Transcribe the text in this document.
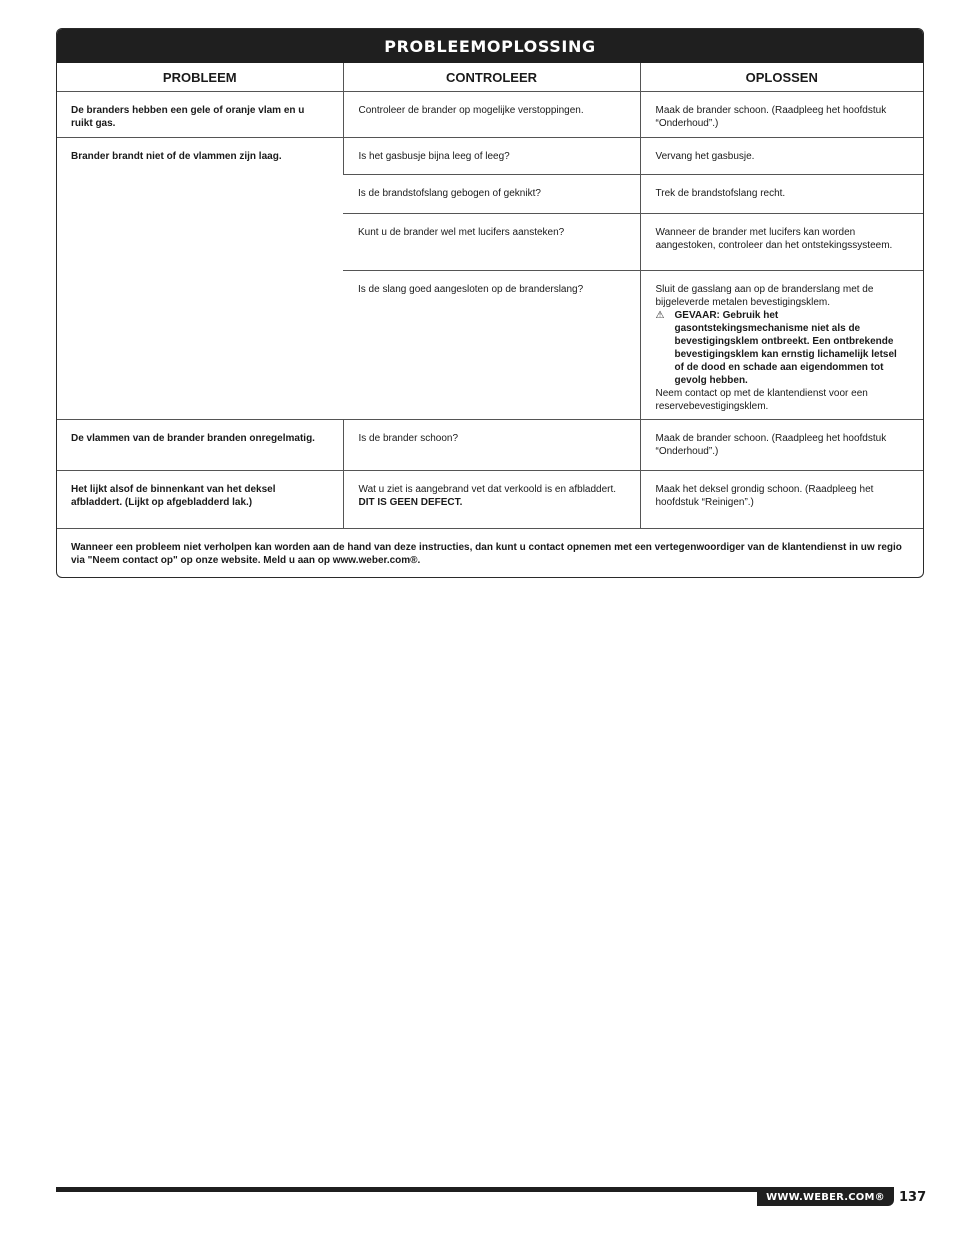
PROBLEEMOPLOSSING
PROBLEEM	CONTROLEER	OPLOSSEN
De branders hebben een gele of oranje vlam en u ruikt gas.	Controleer de brander op mogelijke verstoppingen.	Maak de brander schoon. (Raadpleeg het hoofdstuk “Onderhoud”.)
Brander brandt niet of de vlammen zijn laag.	Is het gasbusje bijna leeg of leeg?	Vervang het gasbusje.
	Is de brandstofslang gebogen of geknikt?	Trek de brandstofslang recht.
	Kunt u de brander wel met lucifers aansteken?	Wanneer de brander met lucifers kan worden aangestoken, controleer dan het ontstekingssysteem.
	Is de slang goed aangesloten op de branderslang?	Sluit de gasslang aan op de branderslang met de bijgeleverde metalen bevestigingsklem.
⚠ GEVAAR: Gebruik het gasontstekingsmechanisme niet als de bevestigingsklem ontbreekt. Een ontbrekende bevestigingsklem kan ernstig lichamelijk letsel of de dood en schade aan eigendommen tot gevolg hebben.
Neem contact op met de klantendienst voor een reservebevestigingsklem.

De vlammen van de brander branden onregelmatig.	Is de brander schoon?	Maak de brander schoon. (Raadpleeg het hoofdstuk “Onderhoud”.)
Het lijkt alsof de binnenkant van het deksel afbladdert. (Lijkt op afgebladderd lak.)	Wat u ziet is aangebrand vet dat verkoold is en afbladdert. DIT IS GEEN DEFECT.	Maak het deksel grondig schoon. (Raadpleeg het hoofdstuk “Reinigen”.)
Wanneer een probleem niet verholpen kan worden aan de hand van deze instructies, dan kunt u contact opnemen met een vertegenwoordiger van de klantendienst in uw regio via "Neem contact op" op onze website. Meld u aan op www.weber.com®.
WWW.WEBER.COM®	137
